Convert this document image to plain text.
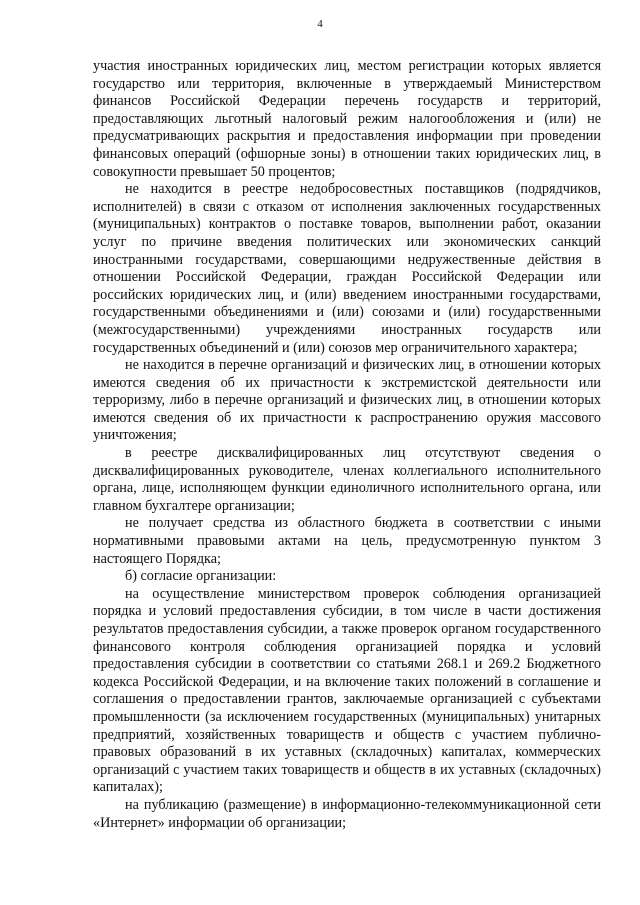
4

участия иностранных юридических лиц, местом регистрации которых является государство или территория, включенные в утверждаемый Министерством финансов Российской Федерации перечень государств и территорий, предоставляющих льготный налоговый режим налогообложения и (или) не предусматривающих раскрытия и предоставления информации при проведении финансовых операций (офшорные зоны) в отношении таких юридических лиц, в совокупности превышает 50 процентов;

не находится в реестре недобросовестных поставщиков (подрядчиков, исполнителей) в связи с отказом от исполнения заключенных государственных (муниципальных) контрактов о поставке товаров, выполнении работ, оказании услуг по причине введения политических или экономических санкций иностранными государствами, совершающими недружественные действия в отношении Российской Федерации, граждан Российской Федерации или российских юридических лиц, и (или) введением иностранными государствами, государственными объединениями и (или) союзами и (или) государственными (межгосударственными) учреждениями иностранных государств или государственных объединений и (или) союзов мер ограничительного характера;

не находится в перечне организаций и физических лиц, в отношении которых имеются сведения об их причастности к экстремистской деятельности или терроризму, либо в перечне организаций и физических лиц, в отношении которых имеются сведения об их причастности к распространению оружия массового уничтожения;

в реестре дисквалифицированных лиц отсутствуют сведения о дисквалифицированных руководителе, членах коллегиального исполнительного органа, лице, исполняющем функции единоличного исполнительного органа, или главном бухгалтере организации;

не получает средства из областного бюджета в соответствии с иными нормативными правовыми актами на цель, предусмотренную пунктом 3 настоящего Порядка;

б) согласие организации:

на осуществление министерством проверок соблюдения организацией порядка и условий предоставления субсидии, в том числе в части достижения результатов предоставления субсидии, а также проверок органом государственного финансового контроля соблюдения организацией порядка и условий предоставления субсидии в соответствии со статьями 268.1 и 269.2 Бюджетного кодекса Российской Федерации, и на включение таких положений в соглашение и соглашения о предоставлении грантов, заключаемые организацией с субъектами промышленности (за исключением государственных (муниципальных) унитарных предприятий, хозяйственных товариществ и обществ с участием публично-правовых образований в их уставных (складочных) капиталах, коммерческих организаций с участием таких товариществ и обществ в их уставных (складочных) капиталах);

на публикацию (размещение) в информационно-телекоммуникационной сети «Интернет» информации об организации;
